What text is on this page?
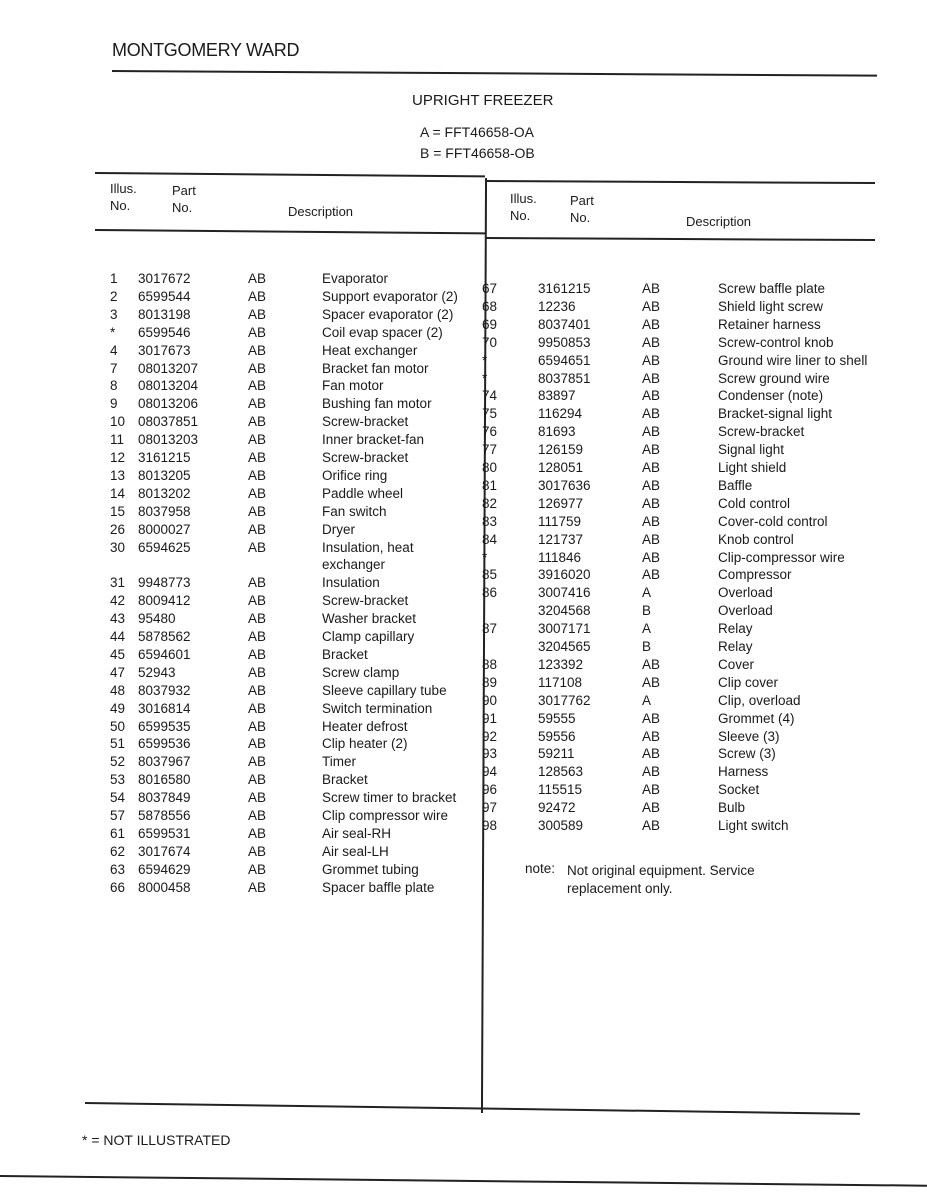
MONTGOMERY WARD
UPRIGHT FREEZER
A = FFT46658-OA
B = FFT46658-OB
Illus.
No.
Part
No.	Description
Illus.
No.
Part
No.	Description
1 3017672	AB	Evaporator
2 6599544	AB	Support evaporator (2)
3 8013198	AB	Spacer evaporator (2)
* 6599546	AB	Coil evap spacer (2)
4 3017673	AB	Heat exchanger
7 08013207	AB	Bracket fan motor
8 08013204	AB	Fan motor
9 08013206	AB	Bushing fan motor
10 08037851	AB	Screw-bracket
11 08013203	AB	Inner bracket-fan
12 3161215	AB	Screw-bracket
13 8013205	AB	Orifice ring
14 8013202	AB	Paddle wheel
15 8037958	AB	Fan switch
26 8000027	AB	Dryer
30 6594625	AB	Insulation, heat
exchanger
31 9948773	AB	Insulation
42 8009412	AB	Screw-bracket
43 95480	AB	Washer bracket
44 5878562	AB	Clamp capillary
45 6594601	AB	Bracket
47 52943	AB	Screw clamp
48 8037932	AB	Sleeve capillary tube
49 3016814	AB	Switch termination
50 6599535	AB	Heater defrost
51 6599536	AB	Clip heater (2)
52 8037967	AB	Timer
53 8016580	AB	Bracket
54 8037849	AB	Screw timer to bracket
57 5878556	AB	Clip compressor wire
61 6599531	AB	Air seal-RH
62 3017674	AB	Air seal-LH
63 6594629	AB	Grommet tubing
66 8000458	AB	Spacer baffle plate
67	3161215	AB	Screw baffle plate
68	12236	AB	Shield light screw
69	8037401	AB	Retainer harness
70	9950853	AB	Screw-control knob
*	6594651	AB	Ground wire liner to shell
*	8037851	AB	Screw ground wire
74	83897	AB	Condenser (note)
75	116294	AB	Bracket-signal light
76	81693	AB	Screw-bracket
77	126159	AB	Signal light
80	128051	AB	Light shield
81	3017636	AB	Baffle
82	126977	AB	Cold control
83	111759	AB	Cover-cold control
84	121737	AB	Knob control
*	111846	AB	Clip-compressor wire
85	3916020	AB	Compressor
86	3007416	A	Overload
3204568	B	Overload
87	3007171	A	Relay
3204565	B	Relay
88	123392	AB	Cover
89	117108	AB	Clip cover
90	3017762	A	Clip, overload
91	59555	AB	Grommet (4)
92	59556	AB	Sleeve (3)
93	59211	AB	Screw (3)
94	128563	AB	Harness
96	115515	AB	Socket
97	92472	AB	Bulb
98	300589	AB	Light switch
note: Not original equipment. Service
replacement only.
* = NOT ILLUSTRATED
